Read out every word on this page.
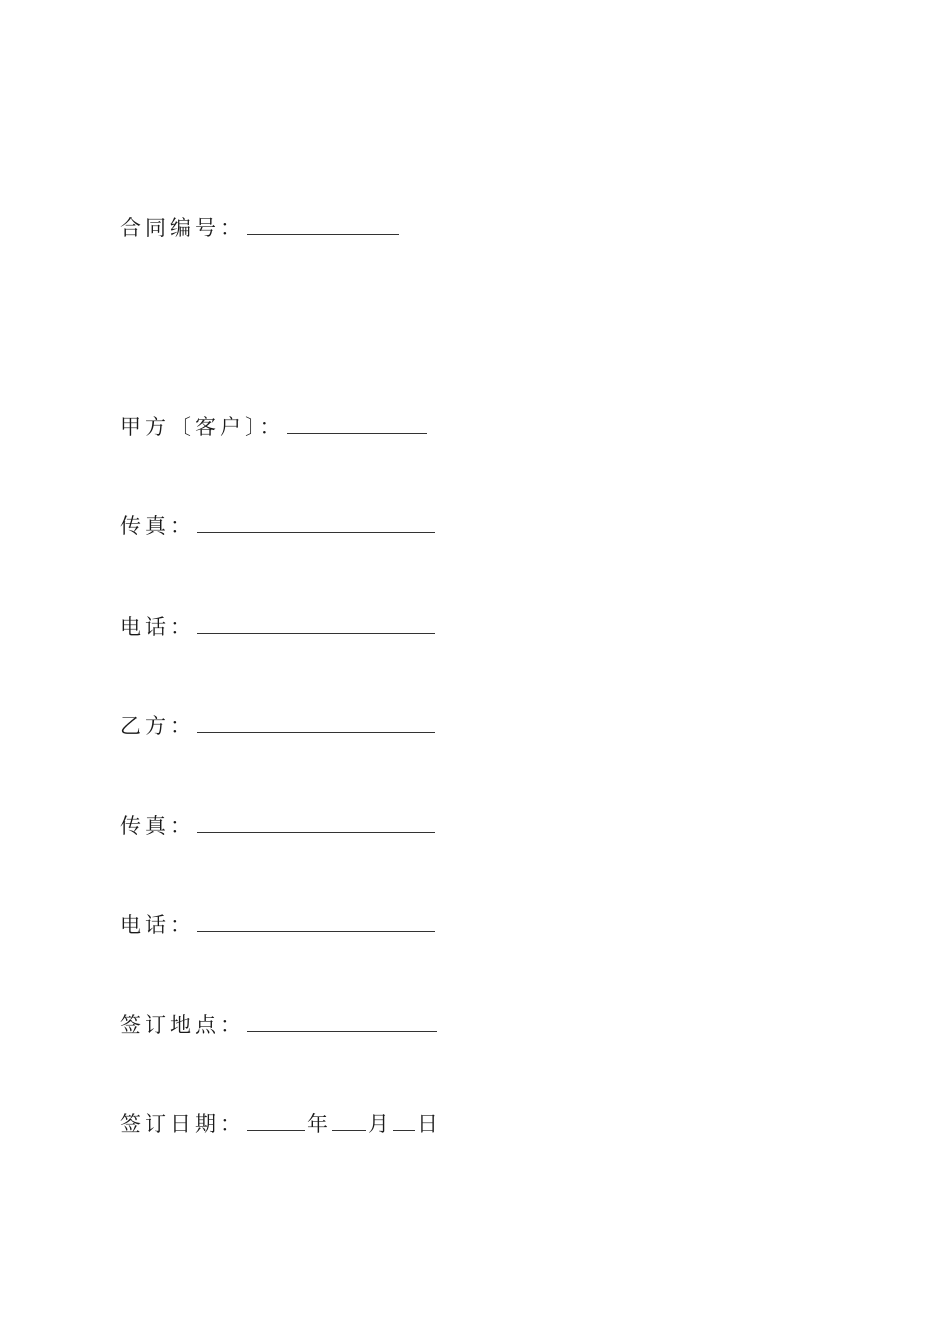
合同编号：
甲方〔客户〕：
传真：
电话：
乙方：
传真：
电话：
签订地点：
签订日期：	年 月 日
